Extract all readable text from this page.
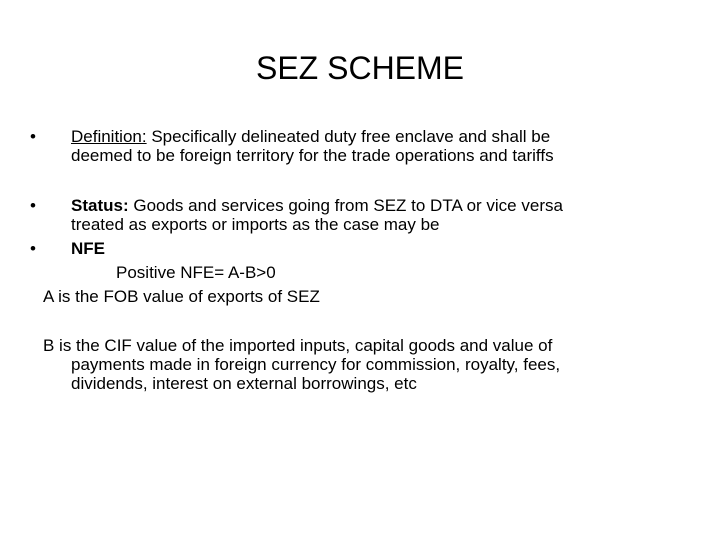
SEZ SCHEME
• Definition: Specifically delineated duty free enclave and shall be
deemed to be foreign territory for the trade operations and tariffs
• Status: Goods and services going from SEZ to DTA or vice versa
treated as exports or imports as the case may be
• NFE
Positive NFE= A-B>0
A is the FOB value of exports of SEZ
B is the CIF value of the imported inputs, capital goods and value of
payments made in foreign currency for commission, royalty, fees,
dividends, interest on external borrowings, etc
